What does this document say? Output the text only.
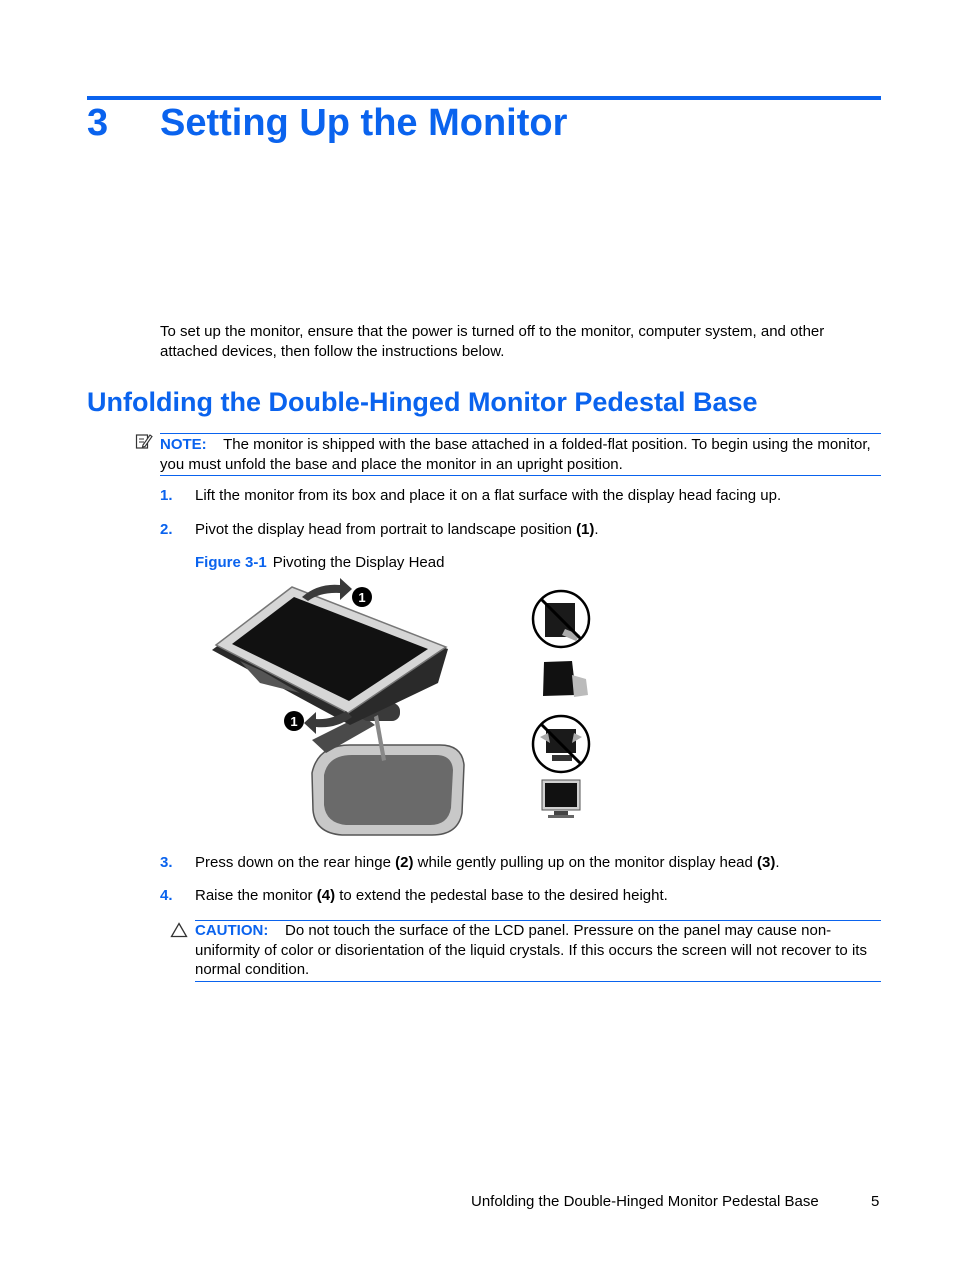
3 Setting Up the Monitor
To set up the monitor, ensure that the power is turned off to the monitor, computer system, and other attached devices, then follow the instructions below.
Unfolding the Double-Hinged Monitor Pedestal Base
NOTE: The monitor is shipped with the base attached in a folded-flat position. To begin using the monitor, you must unfold the base and place the monitor in an upright position.
1. Lift the monitor from its box and place it on a flat surface with the display head facing up.
2. Pivot the display head from portrait to landscape position (1).
Figure 3-1 Pivoting the Display Head
1
1
3. Press down on the rear hinge (2) while gently pulling up on the monitor display head (3).
4. Raise the monitor (4) to extend the pedestal base to the desired height.
CAUTION: Do not touch the surface of the LCD panel. Pressure on the panel may cause non-uniformity of color or disorientation of the liquid crystals. If this occurs the screen will not recover to its normal condition.
Unfolding the Double-Hinged Monitor Pedestal Base	5
